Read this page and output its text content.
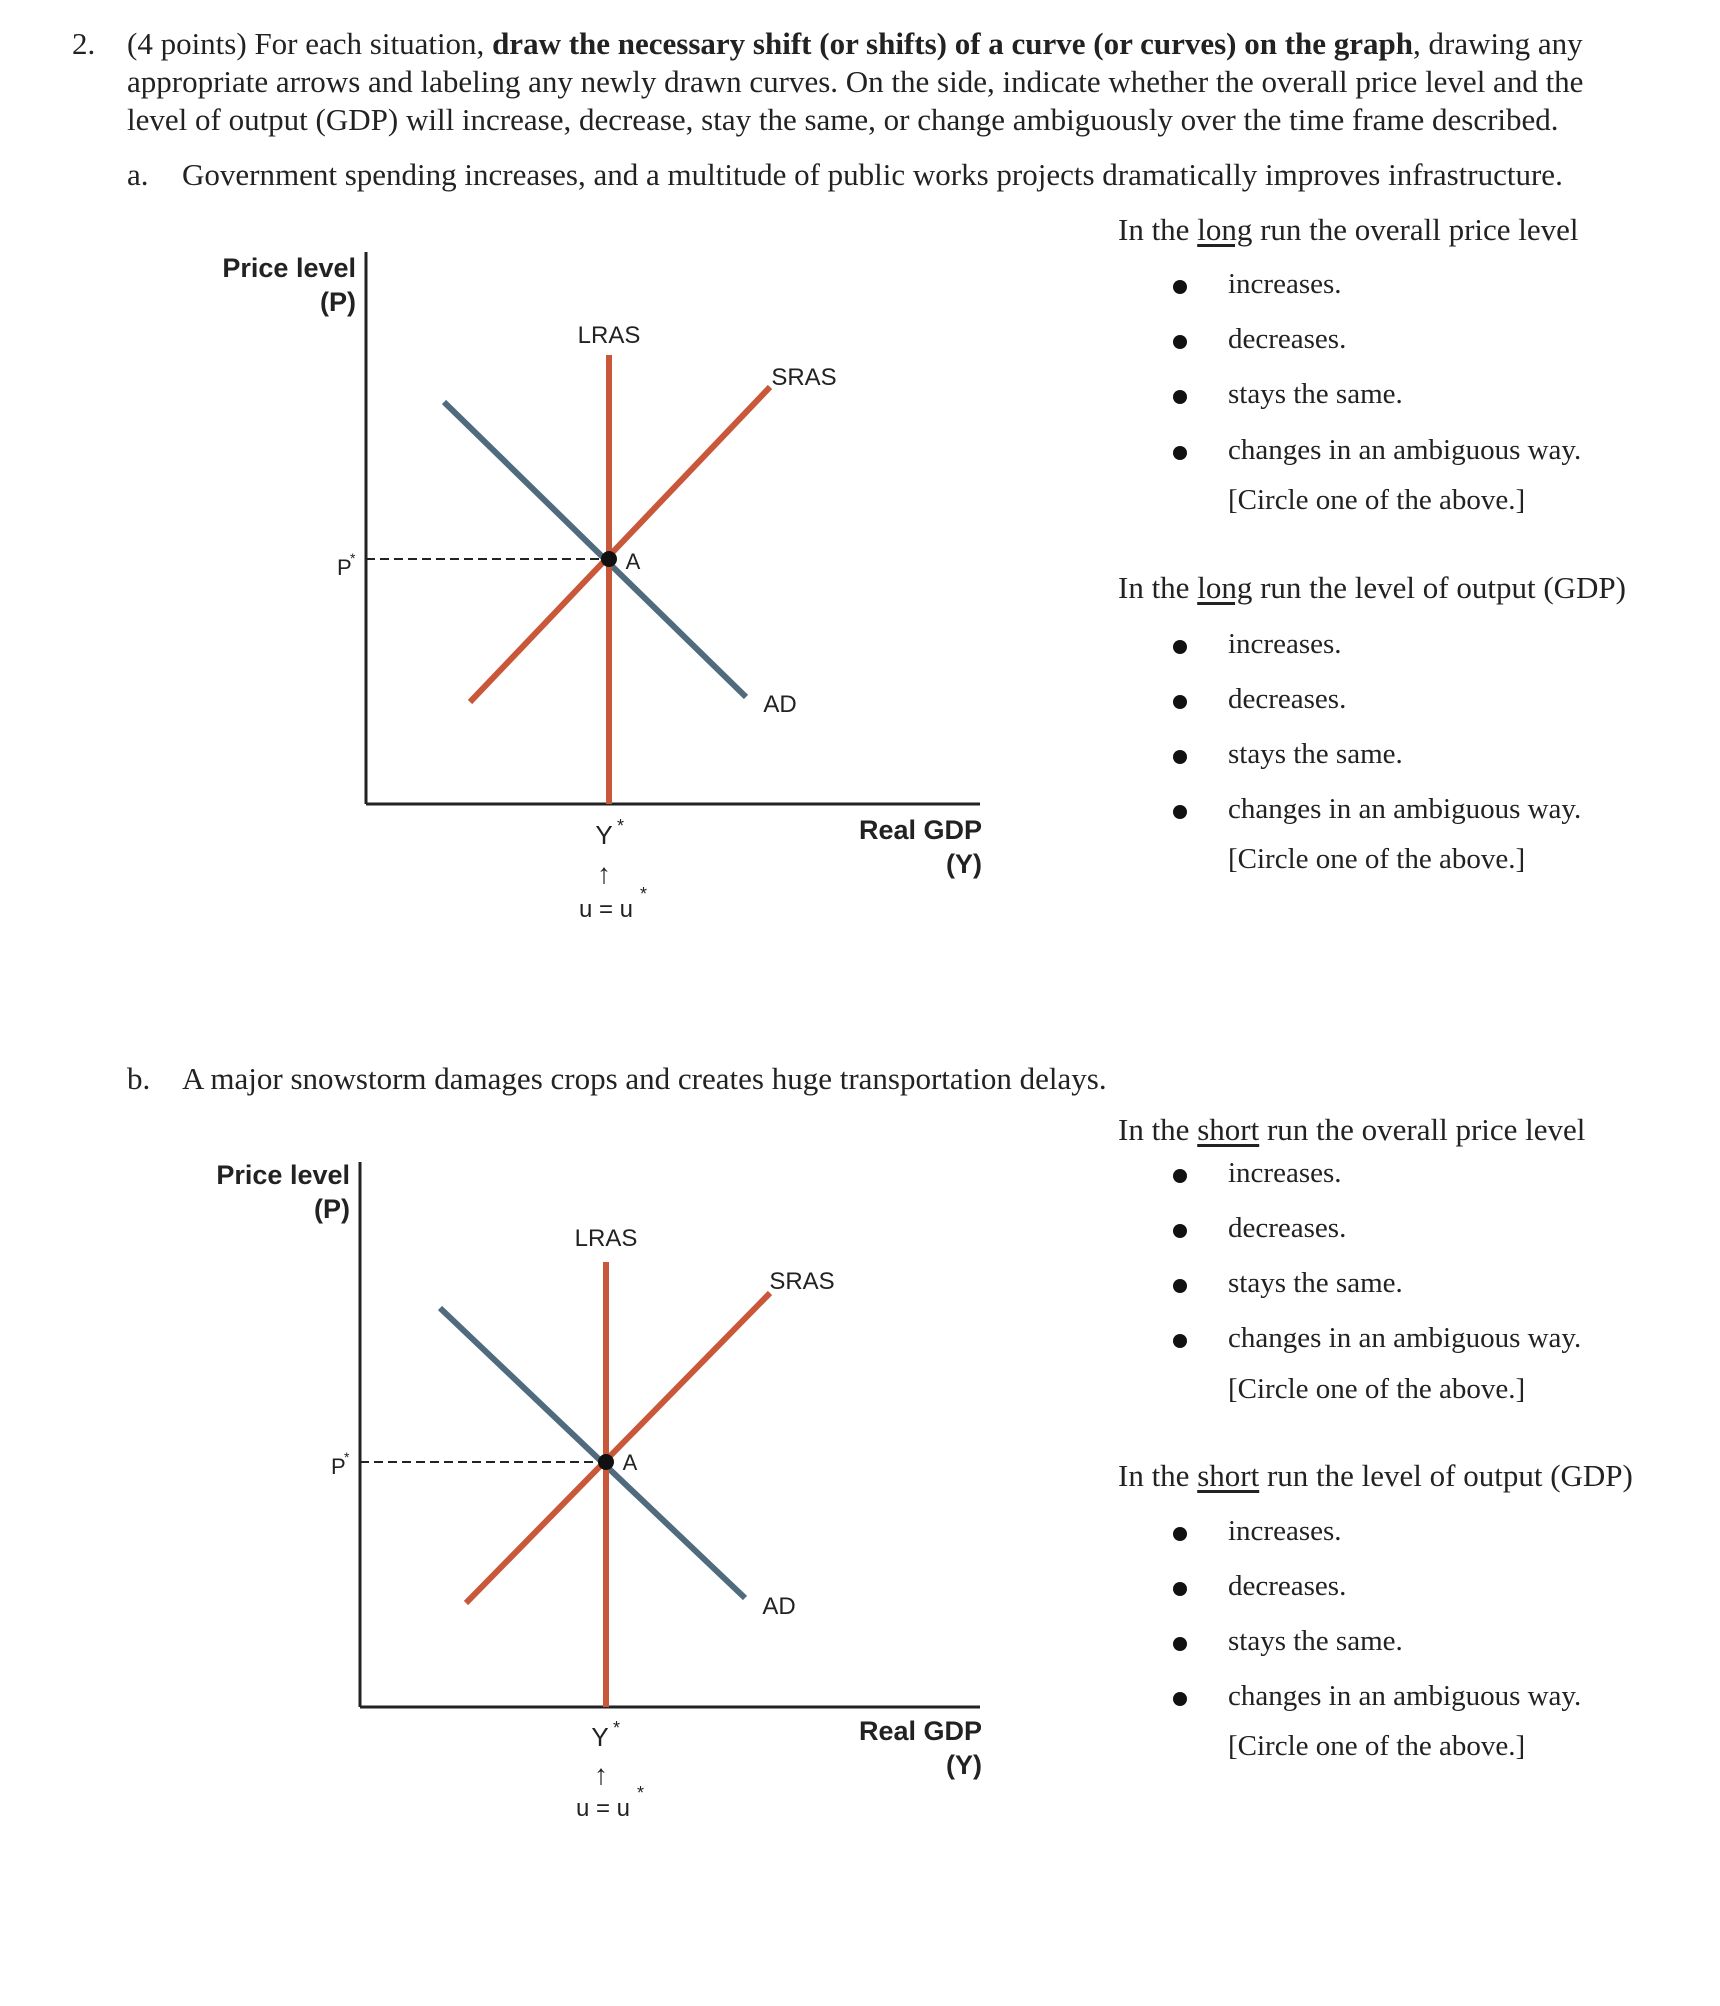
2. (4 points) For each situation, draw the necessary shift (or shifts) of a curve (or curves) on the graph, drawing any
appropriate arrows and labeling any newly drawn curves. On the side, indicate whether the overall price level and the
level of output (GDP) will increase, decrease, stay the same, or change ambiguously over the time frame described.
a. Government spending increases, and a multitude of public works projects dramatically improves infrastructure.
Price level
(P)
LRAS
SRAS
AD
A
P
*
Real GDP
(Y)
Y *
↑
u = u
*
In the long run the overall price level
increases.
decreases.
stays the same.
changes in an ambiguous way.
[Circle one of the above.]
In the long run the level of output (GDP)
increases.
decreases.
stays the same.
changes in an ambiguous way.
[Circle one of the above.]
b. A major snowstorm damages crops and creates huge transportation delays.
Price level
(P)
LRAS
SRAS
AD
A
P
*
Real GDP
(Y)
Y *
↑
u = u
*
In the short run the overall price level
increases.
decreases.
stays the same.
changes in an ambiguous way.
[Circle one of the above.]
In the short run the level of output (GDP)
increases.
decreases.
stays the same.
changes in an ambiguous way.
[Circle one of the above.]
